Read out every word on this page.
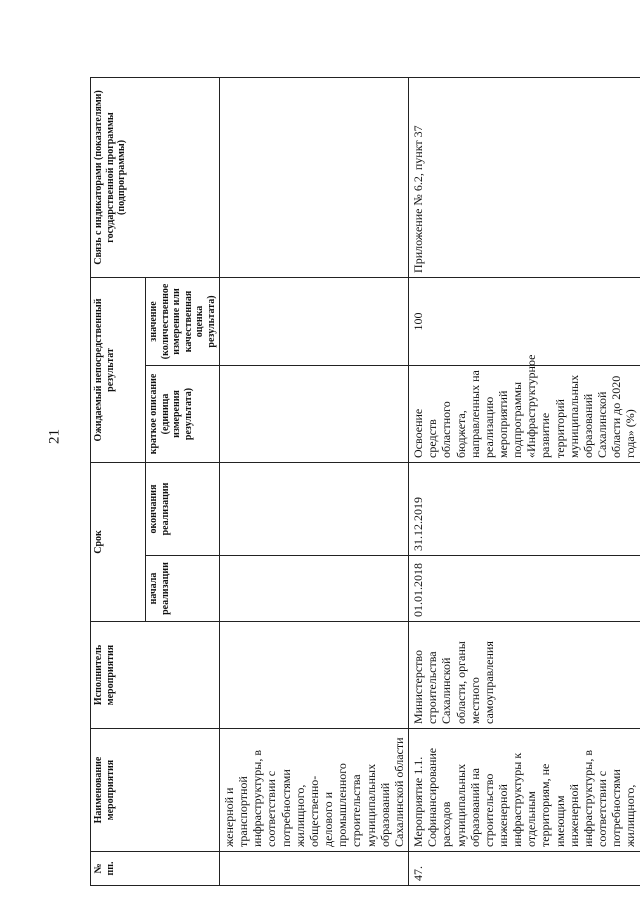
21
№ пп.	Наименование мероприятия	Исполнитель мероприятия	Срок		Ожидаемый непосредственный результат		Связь с индикаторами (показателями) государственной программы (подпрограммы)
			начала реализации	окончания реализации	краткое описание (единица измерения результата)	значение (количественное измерение или качественная оценка результата)	
	женерной и транспортной инфраструктуры, в соответствии с потребностями жилищного, общественно-делового и промышленного строительства муниципальных образований Сахалинской области						
47.	Мероприятие 1.1. Софинансирование расходов муниципальных образований на строительство инженерной инфраструктуры к отдельным территориям, не имеющим инженерной инфраструктуры, в соответствии с потребностями жилищного,	Министерство строительства Сахалинской области, органы местного самоуправления	01.01.2018	31.12.2019	Освоение средств областного бюджета, направленных на реализацию мероприятий подпрограммы «Инфраструктурное развитие территорий муниципальных образований Сахалинской области до 2020 года» (%)	100	Приложение № 6.2, пункт 37
